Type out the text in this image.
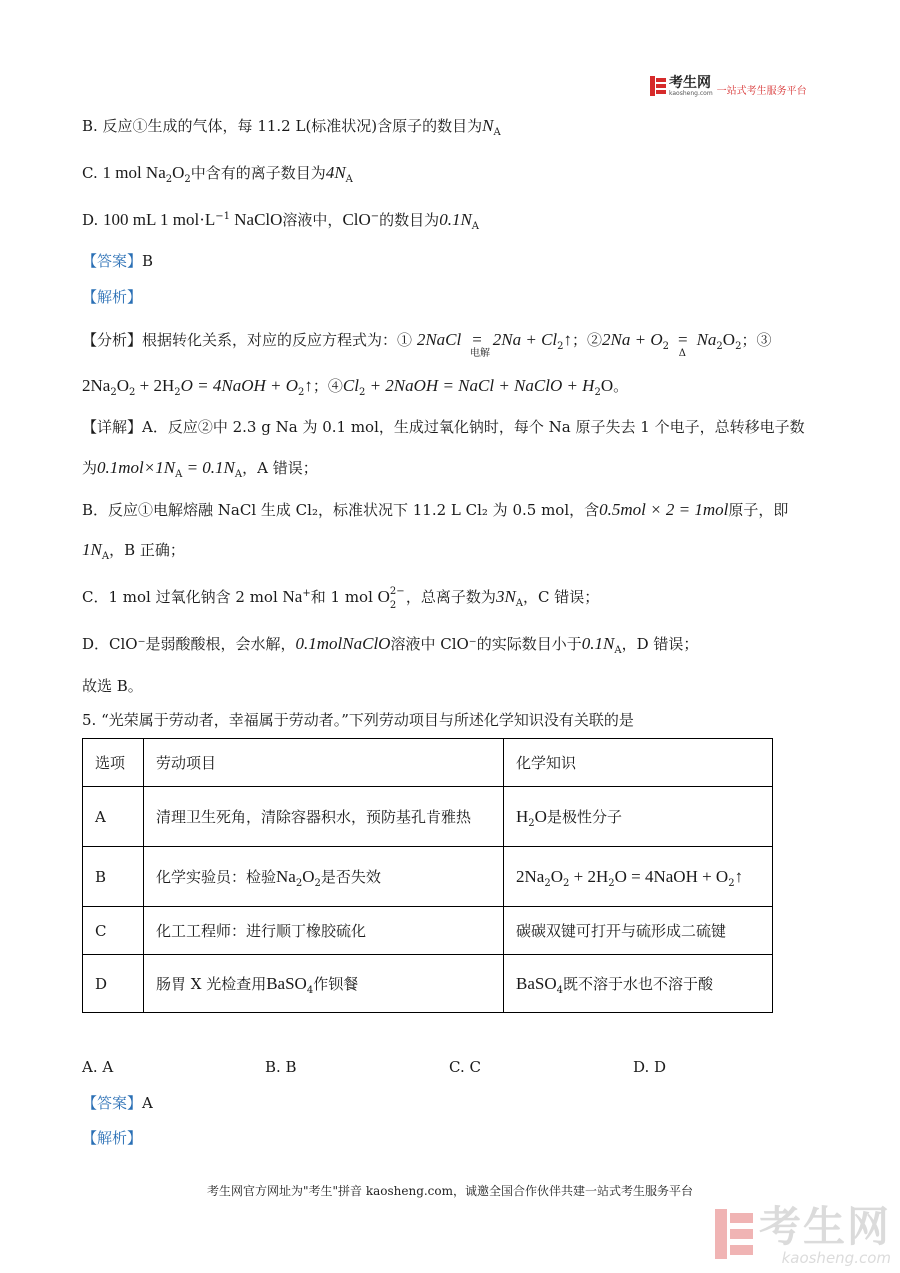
考生网
kaosheng.com 一站式考生服务平台
B. 反应①生成的气体，每 11.2 L(标准状况)含原子的数目为$N_A$
C. 1 mol $Na_2O_2$中含有的离子数目为$4N_A$
D. 100 mL 1 $mol\cdot L^{-1}$ NaClO溶液中，ClO−的数目为$0.1N_A$
【答案】B
【解析】
【分析】根据转化关系，对应的反应方程式为：① 2NaCl =
电解
$2Na + Cl_2↑$；②2Na + $O_2$ =
Δ
$Na_2O_2$；③
$2Na_2O_2 + 2H_2O$ = 4NaOH + $O_2↑$；$④Cl_2$ + 2NaOH = NaCl + NaClO + $H_2O$。
【详解】A．反应②中 2.3 g Na 为 0.1 mol，生成过氧化钠时，每个 Na 原子失去 1 个电子，总转移电子数
为$0.1mol\times 1N_A = 0.1N_A$，A 错误；
B．反应①电解熔融 NaCl 生成 Cl₂，标准状况下 11.2 L Cl₂ 为 0.5 mol，含0.5mol × 2 = 1mol原子，即
$1N_A$，B 正确；
C．1 mol 过氧化钠含 2 mol Na+和 1 mol O 2−
2 ，总离子数为$3N_A$，C 错误；
D．ClO⁻是弱酸酸根，会水解，0.1molNaClO溶液中 ClO⁻的实际数目小于$0.1N_A$，D 错误；
故选 B。
5. “光荣属于劳动者，幸福属于劳动者。”下列劳动项目与所述化学知识没有关联的是
选项	劳动项目	化学知识
A	清理卫生死角，清除容器积水，预防基孔肯雅热	$H_2O$是极性分子
B	化学实验员：检验$Na_2O_2$是否失效	$2Na_2O_2 + 2H_2O$ = 4NaOH + $O_2↑$
C	化工工程师：进行顺丁橡胶硫化	碳碳双键可打开与硫形成二硫键
D	肠胃 X 光检查用BaSO$_4$作钡餐	BaSO$_4$既不溶于水也不溶于酸
A. A	B. B	C. C	D. D
【答案】A
【解析】
考生网官方网址为"考生"拼音 kaosheng.com，诚邀全国合作伙伴共建一站式考生服务平台
考生网
kaosheng.com
